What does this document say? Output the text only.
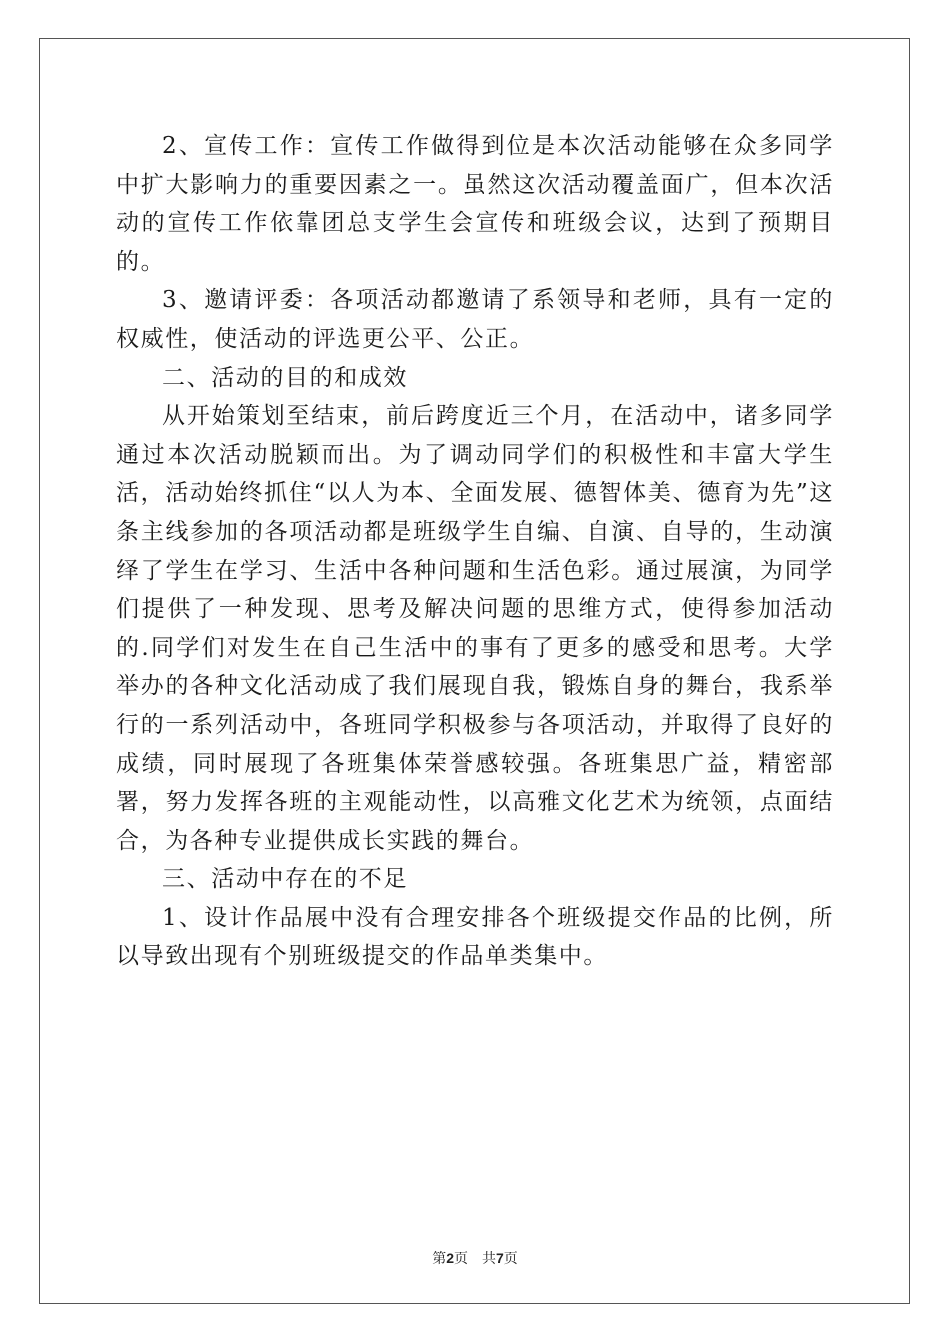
2、宣传工作：宣传工作做得到位是本次活动能够在众多同学中扩大影响力的重要因素之一。虽然这次活动覆盖面广，但本次活动的宣传工作依靠团总支学生会宣传和班级会议，达到了预期目的。

3、邀请评委：各项活动都邀请了系领导和老师，具有一定的权威性，使活动的评选更公平、公正。

二、活动的目的和成效

从开始策划至结束，前后跨度近三个月，在活动中，诸多同学通过本次活动脱颖而出。为了调动同学们的积极性和丰富大学生活，活动始终抓住“以人为本、全面发展、德智体美、德育为先”这条主线参加的各项活动都是班级学生自编、自演、自导的，生动演绎了学生在学习、生活中各种问题和生活色彩。通过展演，为同学们提供了一种发现、思考及解决问题的思维方式，使得参加活动的.同学们对发生在自己生活中的事有了更多的感受和思考。大学举办的各种文化活动成了我们展现自我，锻炼自身的舞台，我系举行的一系列活动中，各班同学积极参与各项活动，并取得了良好的成绩，同时展现了各班集体荣誉感较强。各班集思广益，精密部署，努力发挥各班的主观能动性，以高雅文化艺术为统领，点面结合，为各种专业提供成长实践的舞台。

三、活动中存在的不足

1、设计作品展中没有合理安排各个班级提交作品的比例，所以导致出现有个别班级提交的作品单类集中。

第2页 共7页
